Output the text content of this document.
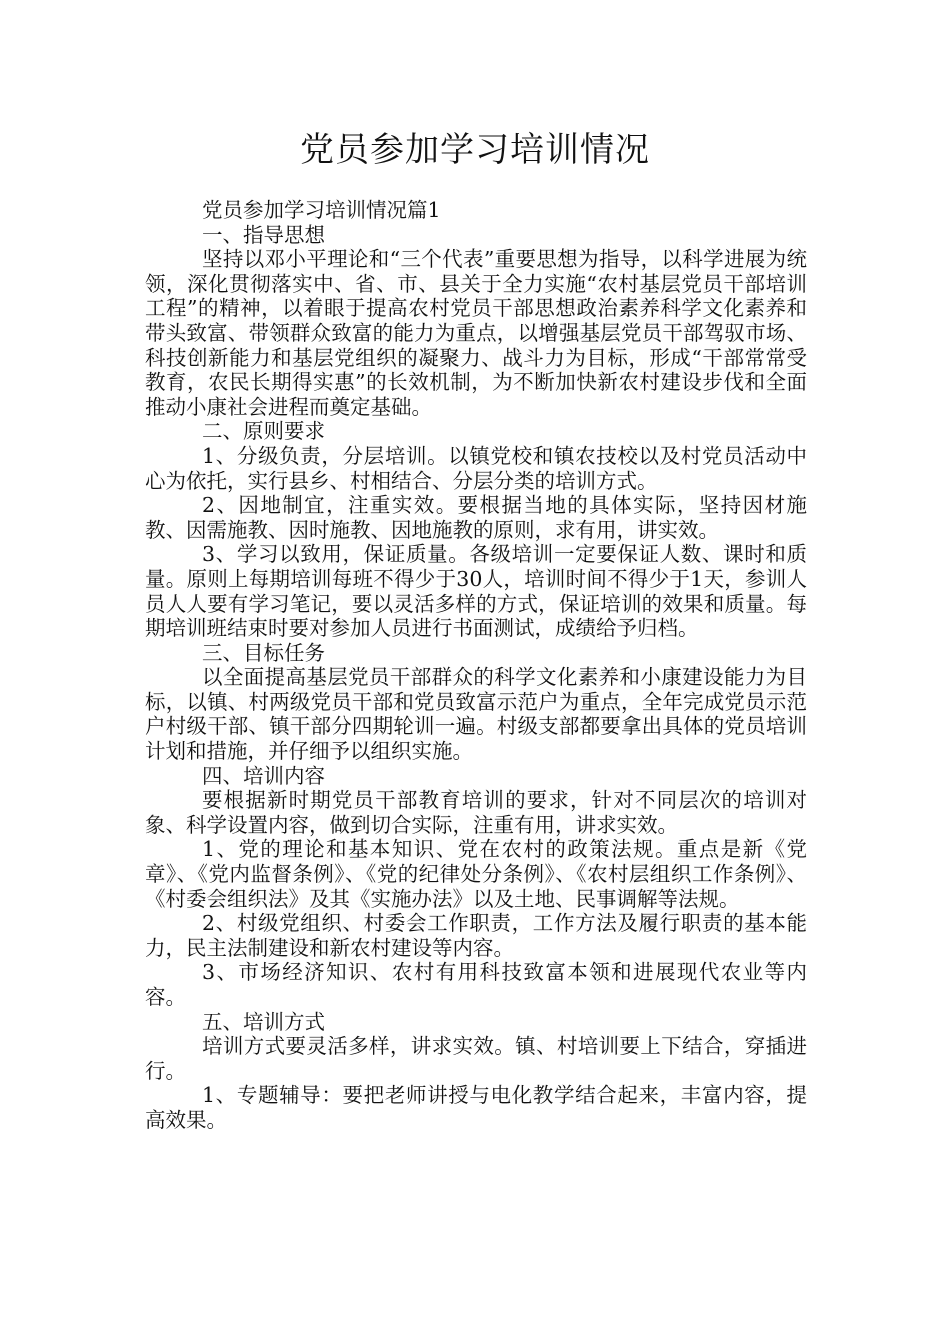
党员参加学习培训情况

党员参加学习培训情况篇1

一、指导思想

坚持以邓小平理论和“三个代表”重要思想为指导，以科学进展为统领，深化贯彻落实中、省、市、县关于全力实施“农村基层党员干部培训工程”的精神，以着眼于提高农村党员干部思想政治素养科学文化素养和带头致富、带领群众致富的能力为重点，以增强基层党员干部驾驭市场、科技创新能力和基层党组织的凝聚力、战斗力为目标，形成“干部常常受教育，农民长期得实惠”的长效机制，为不断加快新农村建设步伐和全面推动小康社会进程而奠定基础。

二、原则要求

1、分级负责，分层培训。以镇党校和镇农技校以及村党员活动中心为依托，实行县乡、村相结合、分层分类的培训方式。

2、因地制宜，注重实效。要根据当地的具体实际，坚持因材施教、因需施教、因时施教、因地施教的原则，求有用，讲实效。

3、学习以致用，保证质量。各级培训一定要保证人数、课时和质量。原则上每期培训每班不得少于30人，培训时间不得少于1天，参训人员人人要有学习笔记，要以灵活多样的方式，保证培训的效果和质量。每期培训班结束时要对参加人员进行书面测试，成绩给予归档。

三、目标任务

以全面提高基层党员干部群众的科学文化素养和小康建设能力为目标，以镇、村两级党员干部和党员致富示范户为重点，全年完成党员示范户村级干部、镇干部分四期轮训一遍。村级支部都要拿出具体的党员培训计划和措施，并仔细予以组织实施。

四、培训内容

要根据新时期党员干部教育培训的要求，针对不同层次的培训对象、科学设置内容，做到切合实际，注重有用，讲求实效。

1、党的理论和基本知识、党在农村的政策法规。重点是新《党章》、《党内监督条例》、《党的纪律处分条例》、《农村层组织工作条例》、《村委会组织法》及其《实施办法》以及土地、民事调解等法规。

2、村级党组织、村委会工作职责，工作方法及履行职责的基本能力，民主法制建设和新农村建设等内容。

3、市场经济知识、农村有用科技致富本领和进展现代农业等内容。

五、培训方式

培训方式要灵活多样，讲求实效。镇、村培训要上下结合，穿插进行。

1、专题辅导：要把老师讲授与电化教学结合起来，丰富内容，提高效果。
